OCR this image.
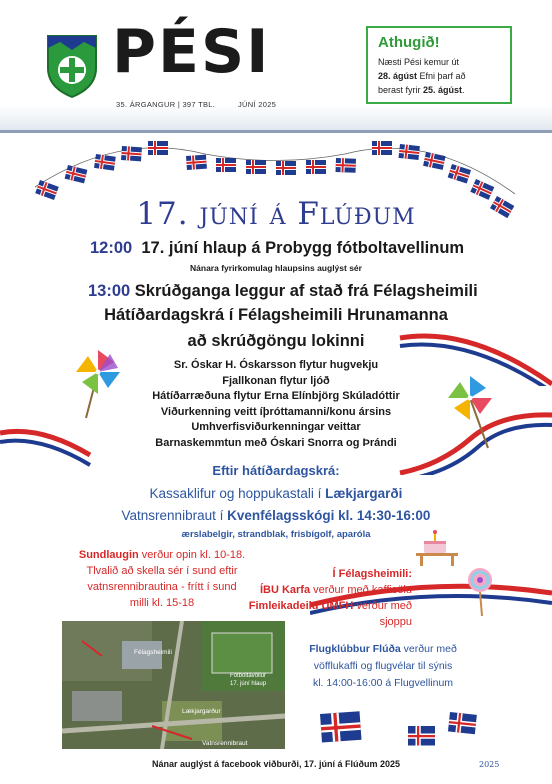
PÉSI
35. ÁRGANGUR | 397 TBL.	JÚNÍ 2025
Athugið!
Næsti Pési kemur út
28. ágúst Efni þarf að
berast fyrir 25. ágúst.
17. júní á Flúðum
12:00 17. júní hlaup á Probygg fótboltavellinum
Nánara fyrirkomulag hlaupsins auglýst sér
13:00 Skrúðganga leggur af stað frá Félagsheimili
Hátíðardagskrá í Félagsheimili Hrunamanna
að skrúðgöngu lokinni
Sr. Óskar H. Óskarsson flytur hugvekju
Fjallkonan flytur ljóð
Hátíðarræðuna flytur Erna Elínbjörg Skúladóttir
Viðurkenning veitt íþróttamanni/konu ársins
Umhverfisviðurkenningar veittar
Barnaskemmtun með Óskari Snorra og Þrándi
Eftir hátíðardagskrá:
Kassaklifur og hoppukastali í Lækjargarði
Vatnsrennibraut í Kvenfélagsskógi kl. 14:30-16:00
ærslabelgir, strandblak, frisbígolf, aparóla
Sundlaugin verður opin kl. 10-18.
Tlvalið að skella sér í sund eftir
vatnsrennibrautina - frítt í sund
milli kl. 15-18
Í Félagsheimili:
ÍBU Karfa verður með kaffisölu
Fimleikadeild UMFH verður með sjoppu
Félagsheimili
Fótboltavöllur
17. júní hlaup
Lækjargarður
Vatnsrennibraut
Flugklúbbur Flúða verður með
vöfflukaffi og flugvélar til sýnis
kl. 14:00-16:00 á Flugvellinum
Nánar auglýst á facebook viðburði, 17. júní á Flúðum 2025	2025
